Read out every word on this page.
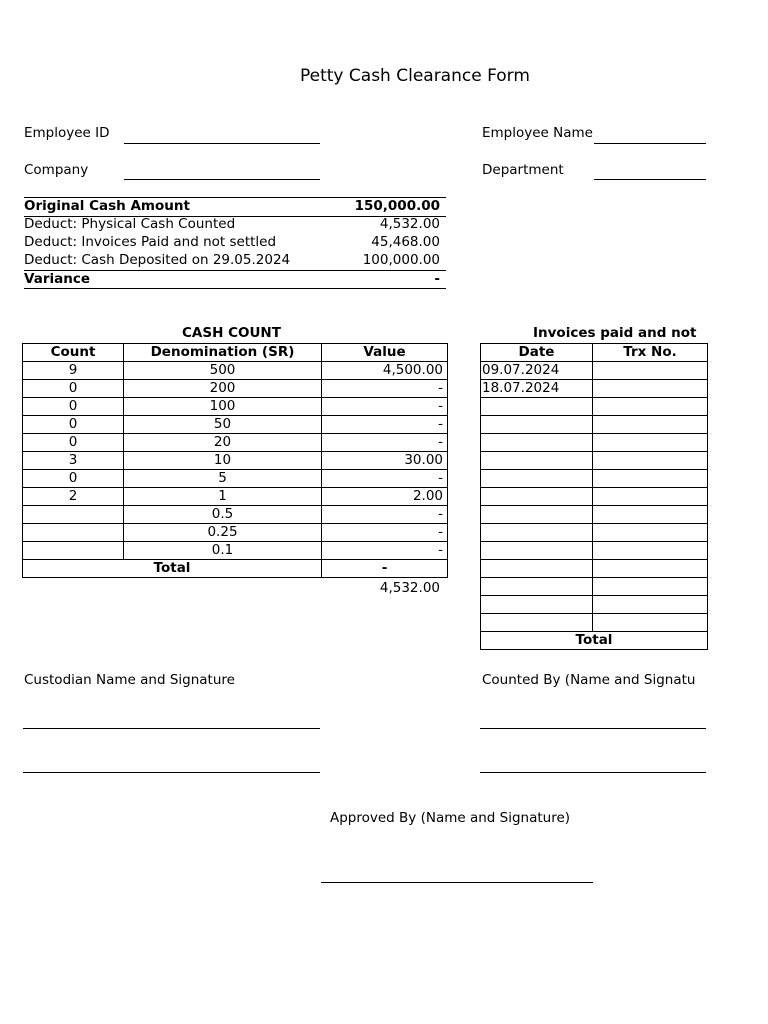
Petty Cash Clearance Form
Employee ID	Employee Name
Company	Department
Original Cash Amount	150,000.00
Deduct: Physical Cash Counted	4,532.00
Deduct: Invoices Paid and not settled	45,468.00
Deduct: Cash Deposited on 29.05.2024	100,000.00
Variance	-
CASH COUNT
Count	Denomination (SR)	Value
9	500	4,500.00
0	200	-
0	100	-
0	50	-
0	20	-
3	10	30.00
0	5	-
2	1	2.00
	0.5	-
	0.25	-
	0.1	-
Total		-
4,532.00
Invoices paid and not
Date	Trx No.
09.07.2024	
18.07.2024	

Total	
Custodian Name and Signature	Counted By (Name and Signatu
Approved By (Name and Signature)
